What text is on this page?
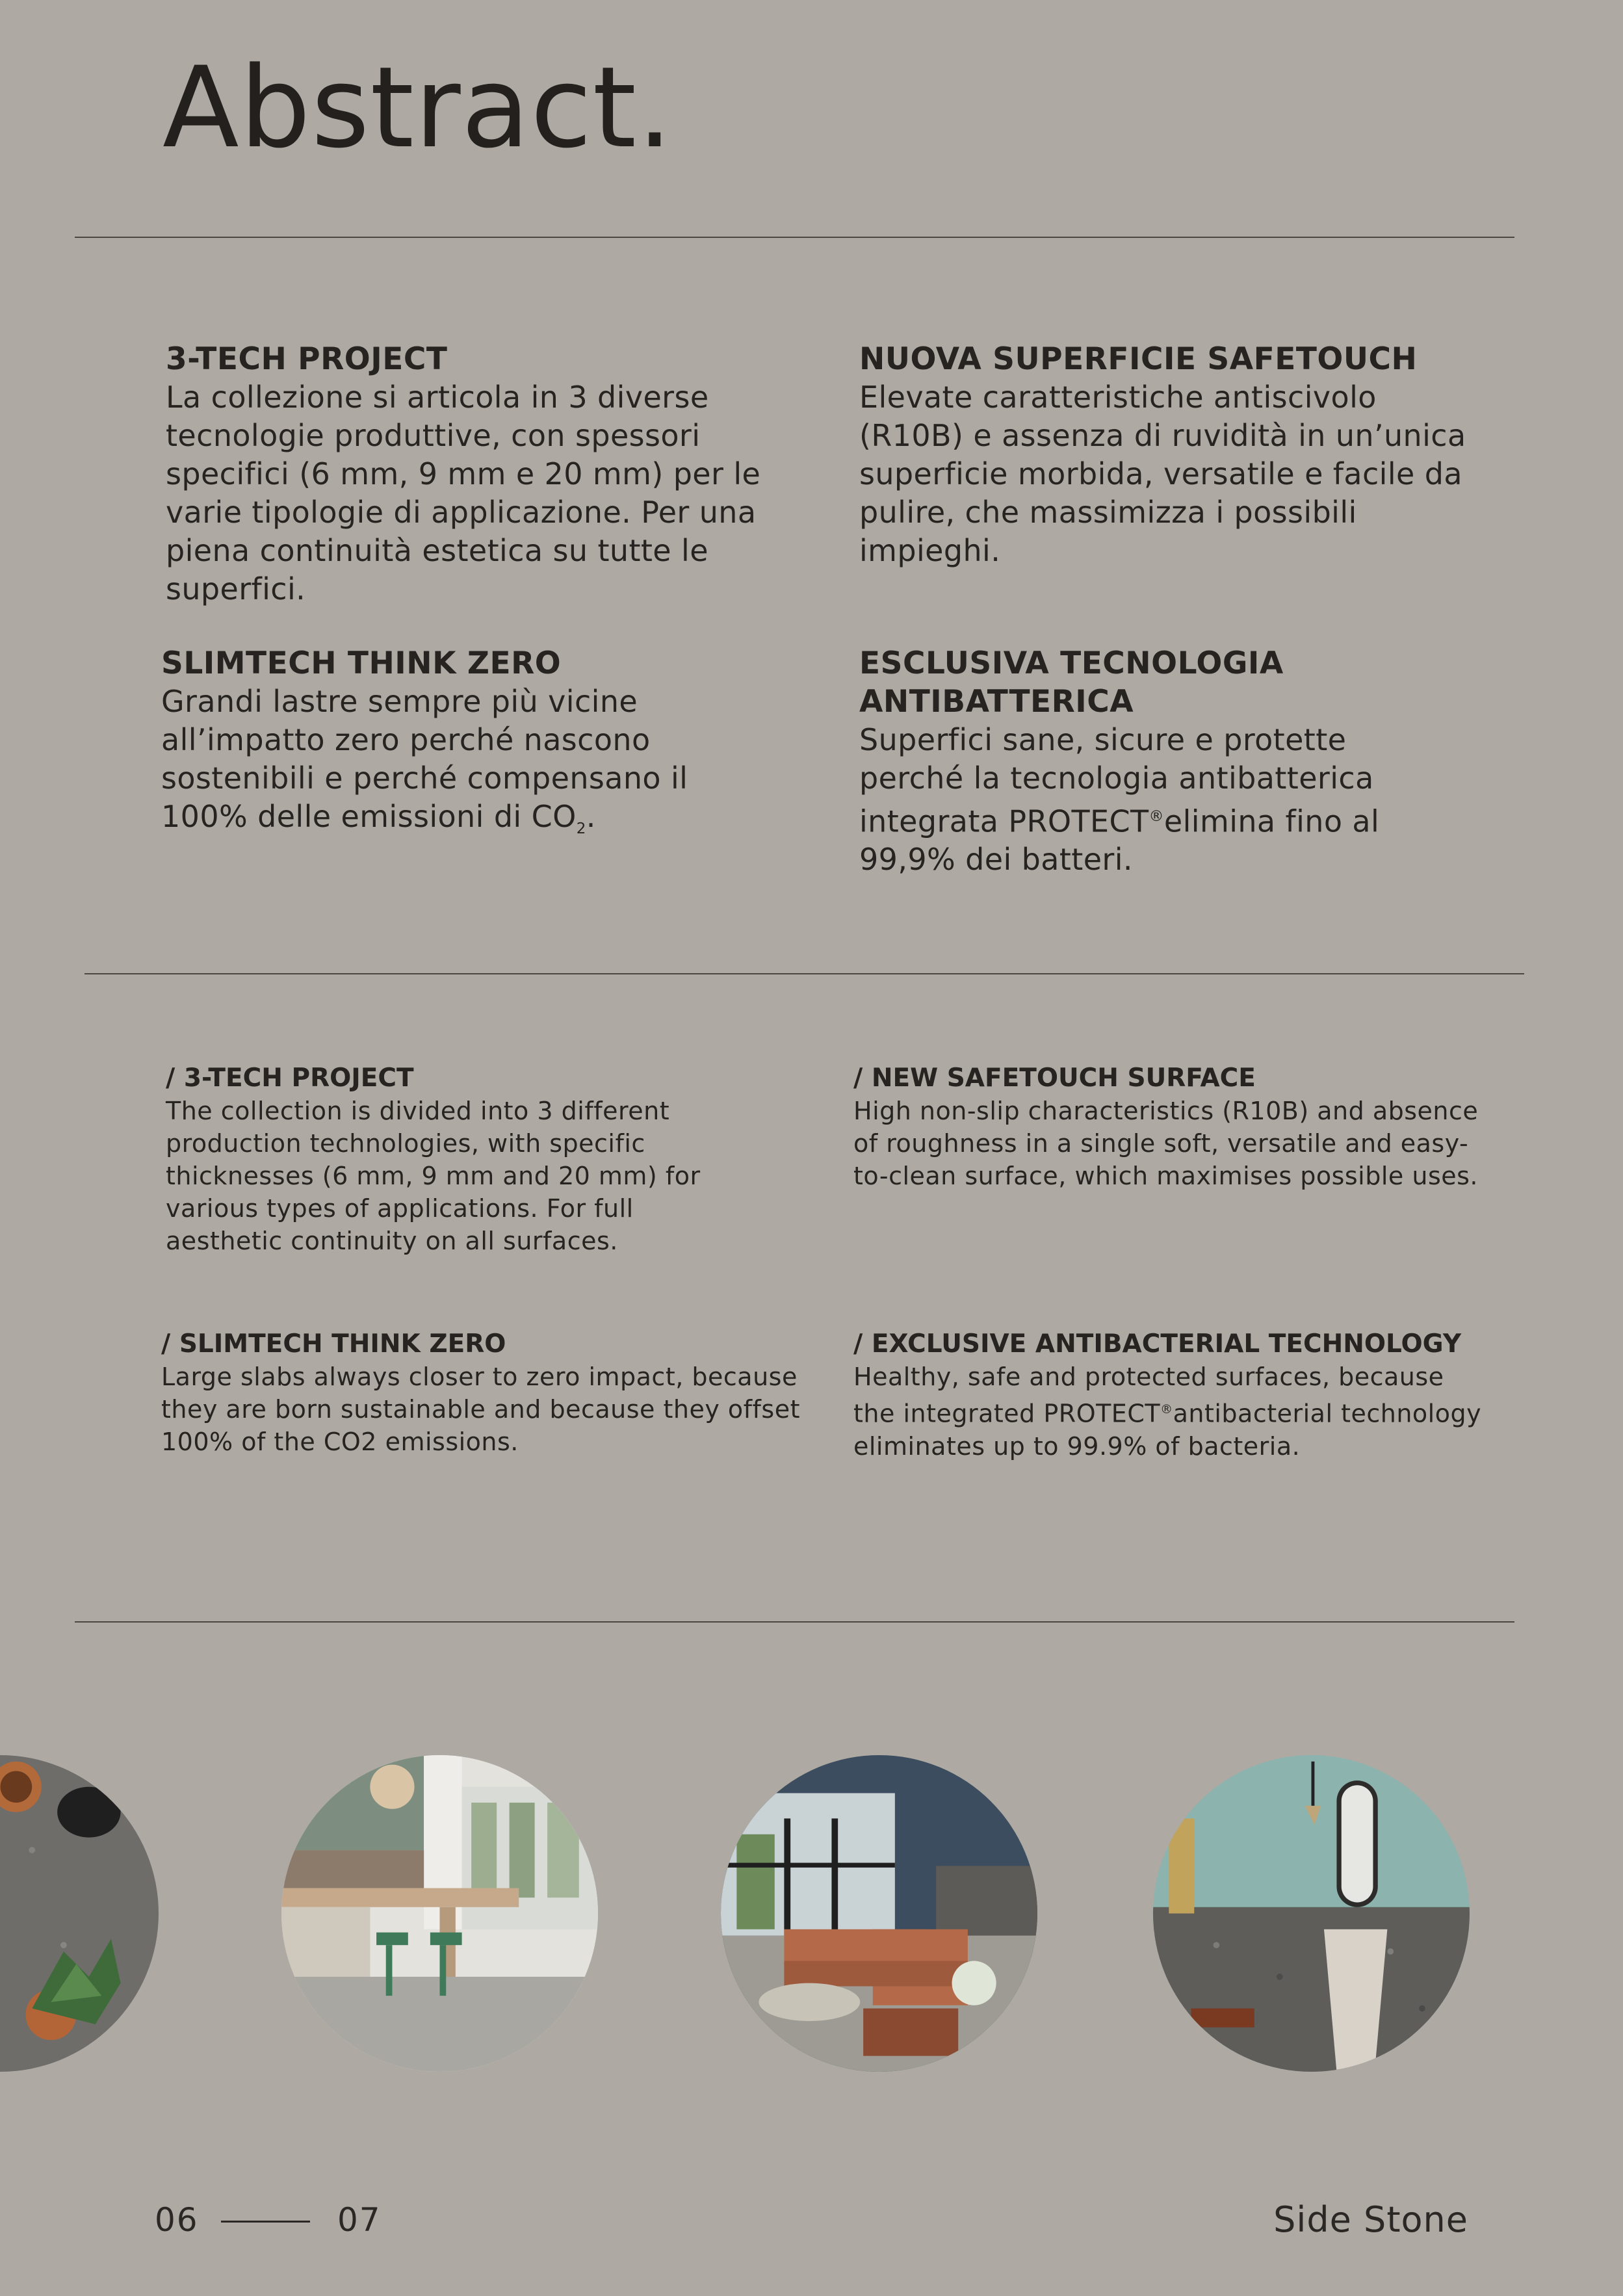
Abstract.

3-TECH PROJECT

La collezione si articola in 3 diverse tecnologie produttive, con spessori specifici (6 mm, 9 mm e 20 mm) per le varie tipologie di applicazione. Per una piena continuità estetica su tutte le superfici.

NUOVA SUPERFICIE SAFETOUCH

Elevate caratteristiche antiscivolo (R10B) e assenza di ruvidità in un’unica superficie morbida, versatile e facile da pulire, che massimizza i possibili impieghi.

SLIMTECH THINK ZERO

Grandi lastre sempre più vicine all’impatto zero perché nascono sostenibili e perché compensano il 100% delle emissioni di $CO_2$.

ESCLUSIVA TECNOLOGIA

ANTIBATTERICA

Superfici sane, sicure e protette perché la tecnologia antibatterica integrata PROTECT®elimina fino al 99,9% dei batteri.

/ 3-TECH PROJECT

The collection is divided into 3 different production technologies, with specific thicknesses (6 mm, 9 mm and 20 mm) for various types of applications. For full aesthetic continuity on all surfaces.

/ NEW SAFETOUCH SURFACE

High non-slip characteristics (R10B) and absence of roughness in a single soft, versatile and easy-to-clean surface, which maximises possible uses.

/ SLIMTECH THINK ZERO

Large slabs always closer to zero impact, because they are born sustainable and because they offset 100% of the CO2 emissions.

/ EXCLUSIVE ANTIBACTERIAL TECHNOLOGY

Healthy, safe and protected surfaces, because the integrated PROTECT®antibacterial technology eliminates up to 99.9% of bacteria.

06	07	Side Stone
